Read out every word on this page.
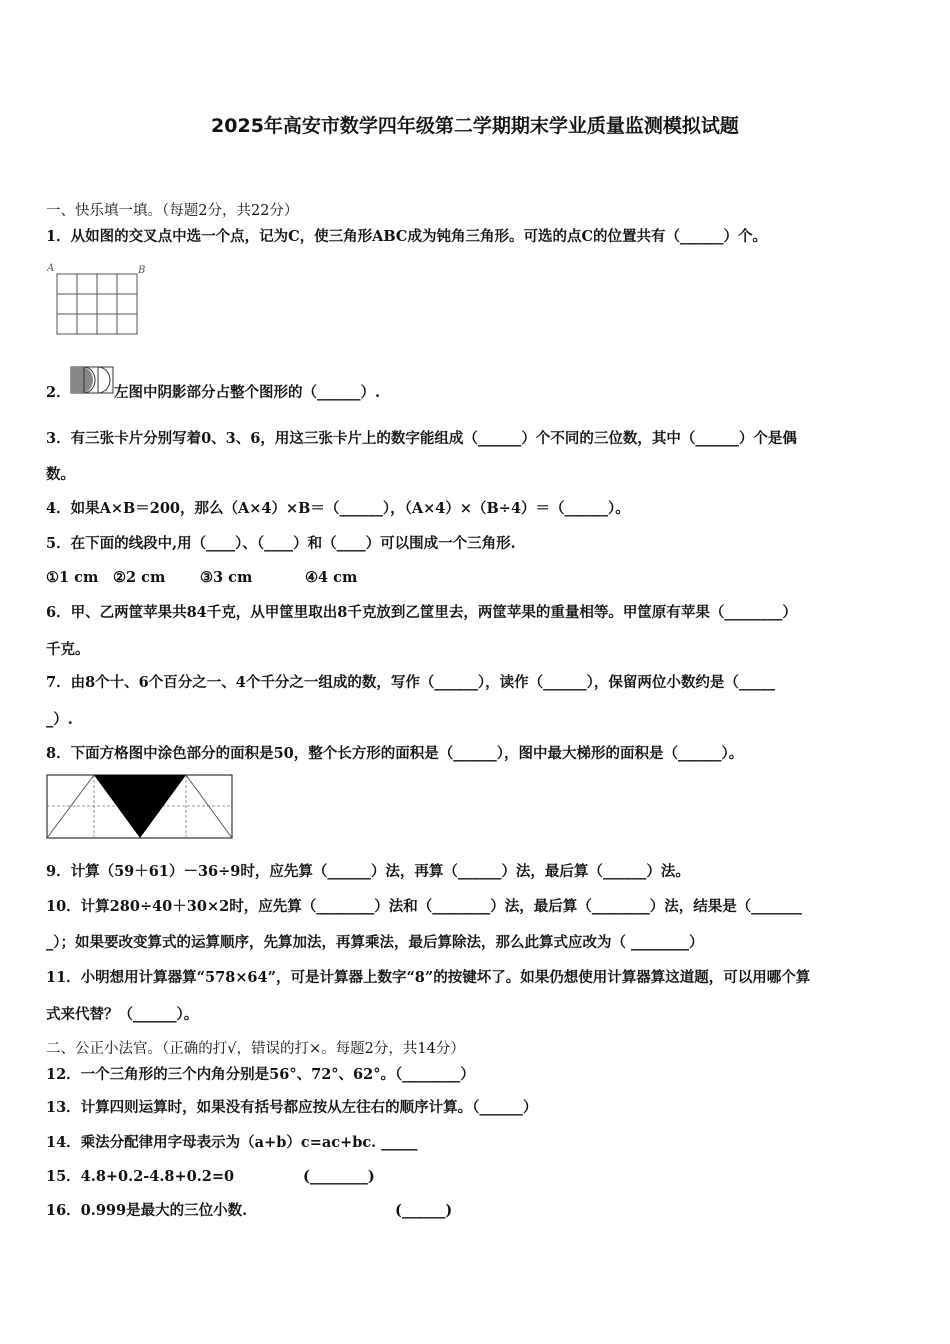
2025年高安市数学四年级第二学期期末学业质量监测模拟试题
一、快乐填一填。（每题2分，共22分）
1．从如图的交叉点中选一个点，记为C，使三角形ABC成为钝角三角形。可选的点C的位置共有（______）个。
A	B
2．	左图中阴影部分占整个图形的（______）.
3．有三张卡片分别写着0、3、6，用这三张卡片上的数字能组成（______）个不同的三位数，其中（______）个是偶
数。
4．如果A×B＝200，那么（A×4）×B＝（______），（A×4）×（B÷4）＝（______）。
5．在下面的线段中,用（____）、（____）和（____）可以围成一个三角形.
①1 cm ②2 cm ③3 cm	④4 cm
6．甲、乙两筐苹果共84千克，从甲筐里取出8千克放到乙筐里去，两筐苹果的重量相等。甲筐原有苹果（________）
千克。
7．由8个十、6个百分之一、4个千分之一组成的数，写作（______），读作（______），保留两位小数约是（_____
_）.
8．下面方格图中涂色部分的面积是50，整个长方形的面积是（______），图中最大梯形的面积是（______）。
9．计算（59＋61）－36÷9时，应先算（______）法，再算（______）法，最后算（______）法。
10．计算280÷40＋30×2时，应先算（________）法和（________）法，最后算（________）法，结果是（_______
_）；如果要改变算式的运算顺序，先算加法，再算乘法，最后算除法，那么此算式应改为（ ________）
11．小明想用计算器算“578×64”，可是计算器上数字“8”的按键坏了。如果仍想使用计算器算这道题，可以用哪个算
式来代替？（______）。
二、公正小法官。（正确的打√，错误的打×。每题2分，共14分）
12．一个三角形的三个内角分别是56°、72°、62°。（________）
13．计算四则运算时，如果没有括号都应按从左往右的顺序计算。（______）
14．乘法分配律用字母表示为（a+b）c=ac+bc. _____
15．4.8+0.2-4.8+0.2=0	(________)
16．0.999是最大的三位小数.	(______)
